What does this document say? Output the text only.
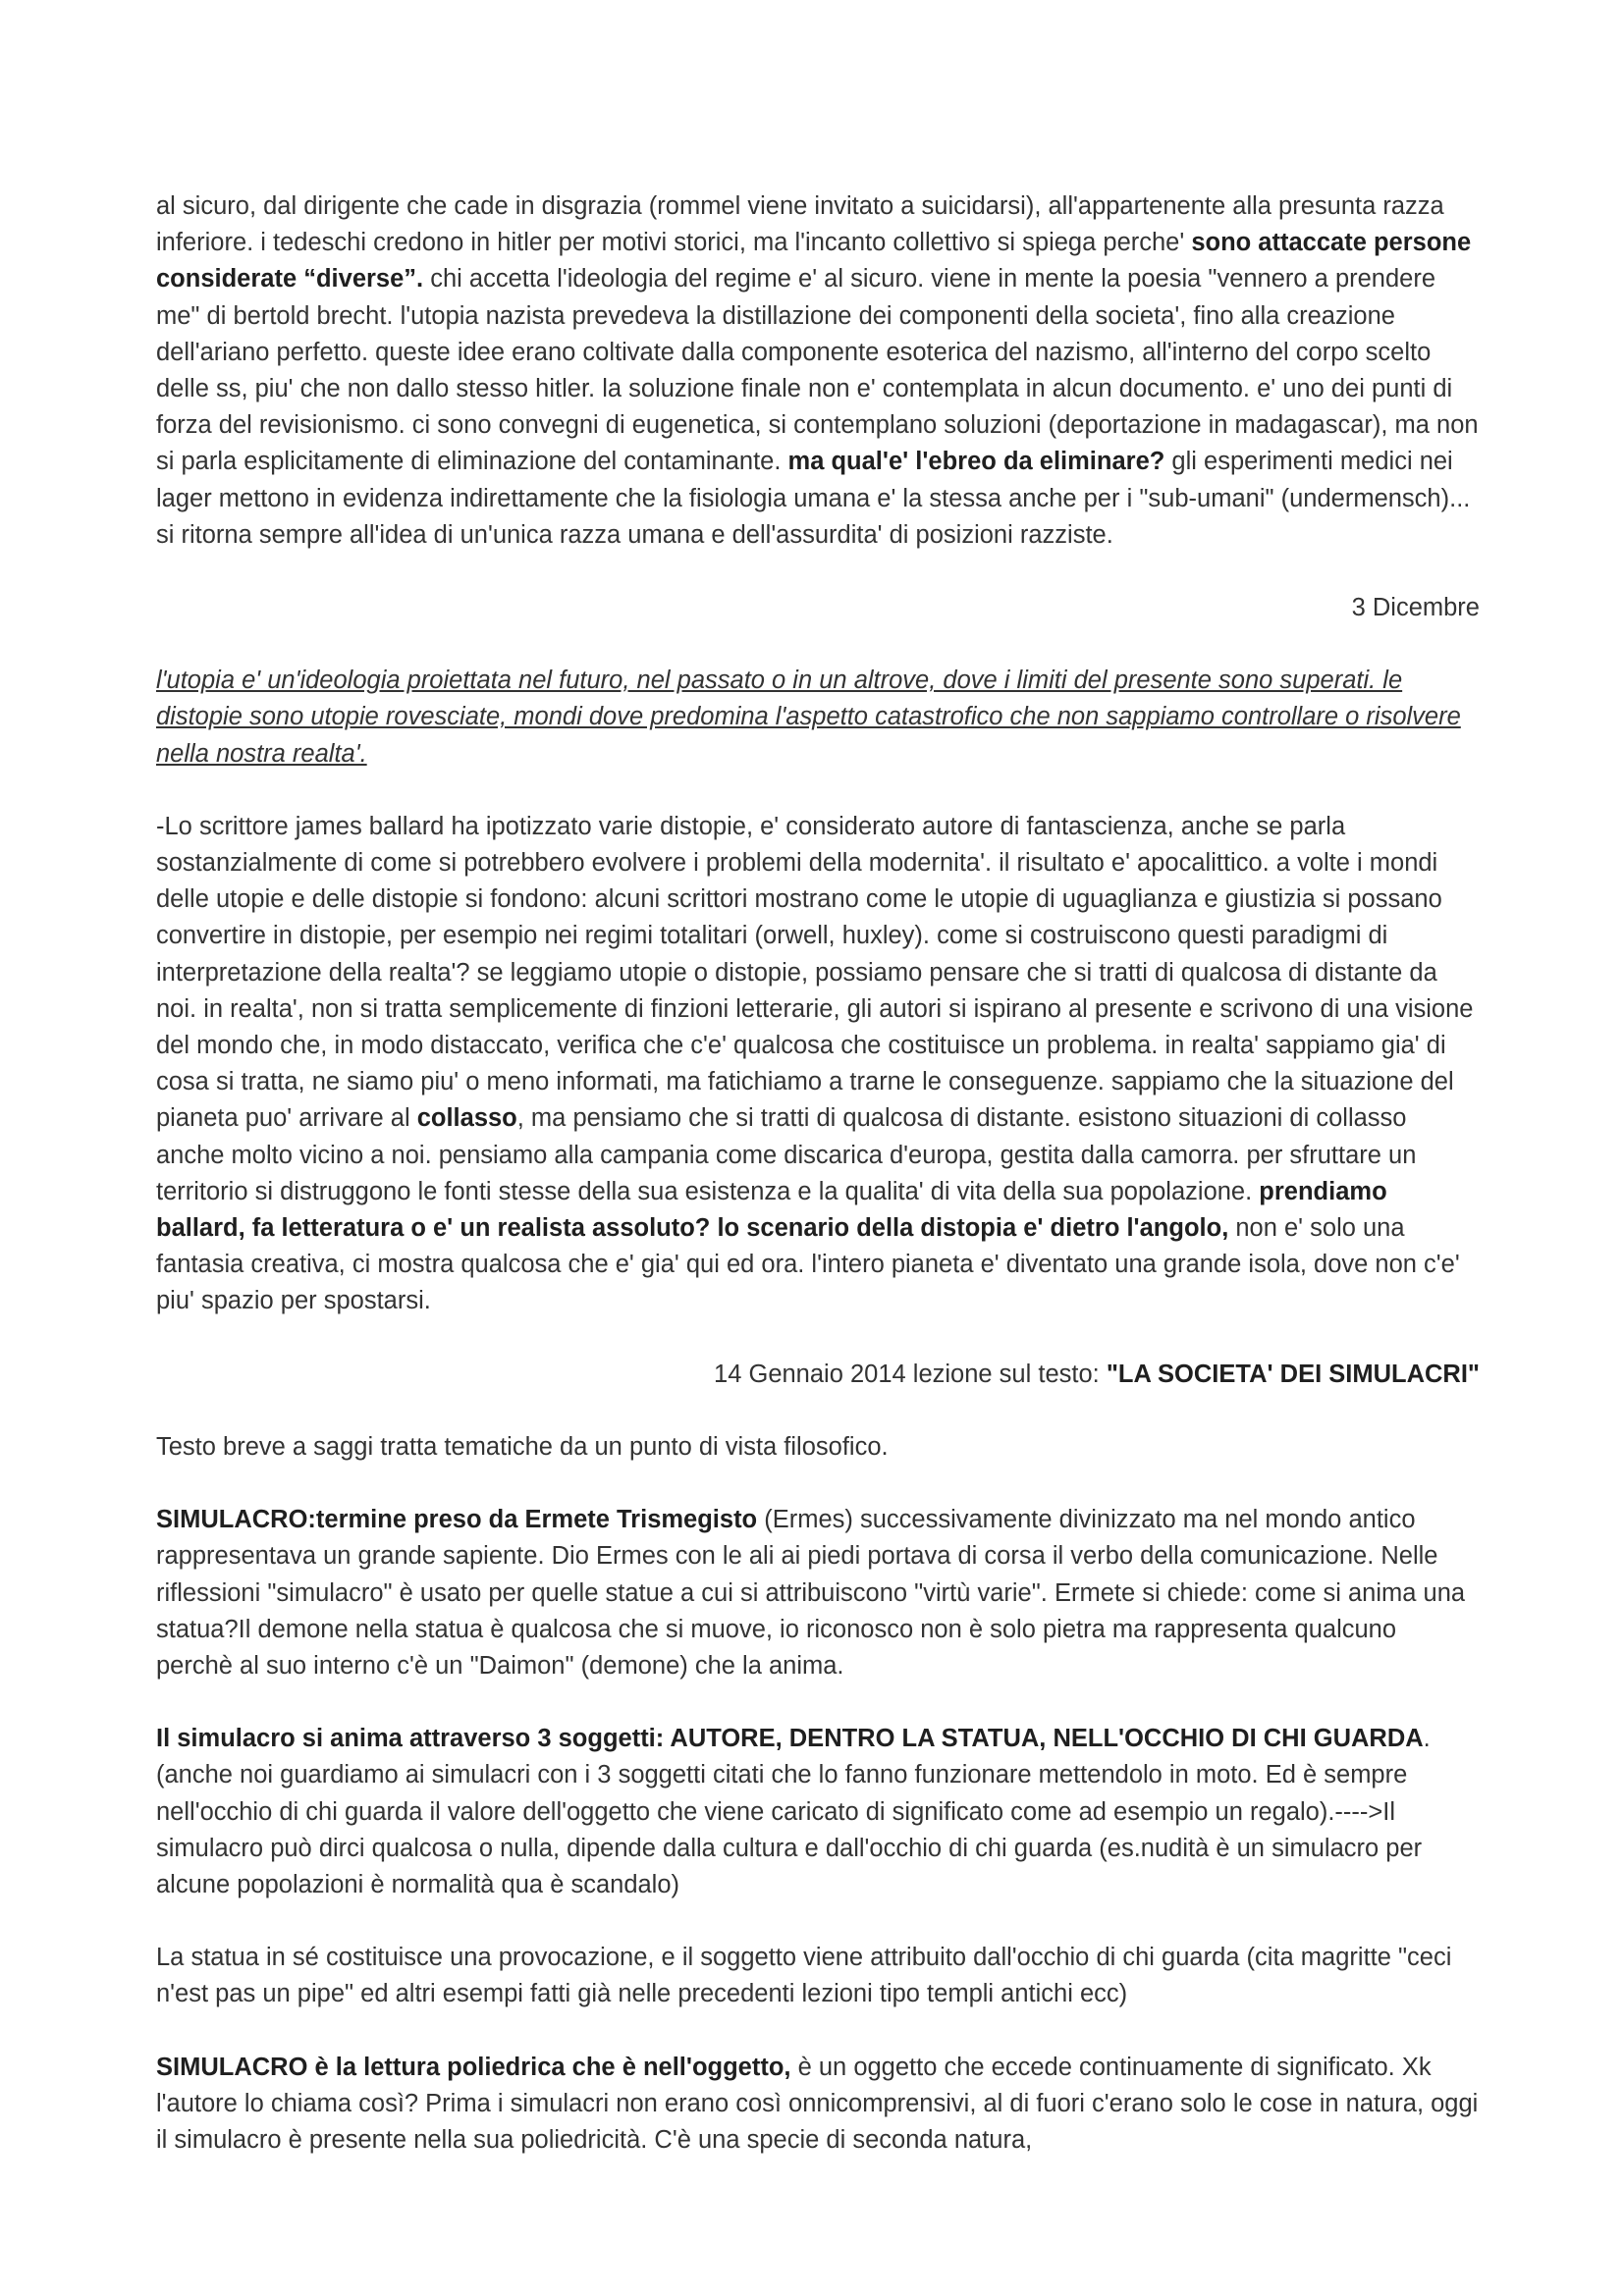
al sicuro, dal dirigente che cade in disgrazia (rommel viene invitato a suicidarsi), all'appartenente alla presunta razza inferiore. i tedeschi credono in hitler per motivi storici, ma l'incanto collettivo si spiega perche' sono attaccate persone considerate “diverse”. chi accetta l'ideologia del regime e' al sicuro. viene in mente la poesia "vennero a prendere me" di bertold brecht. l'utopia nazista prevedeva la distillazione dei componenti della societa', fino alla creazione dell'ariano perfetto. queste idee erano coltivate dalla componente esoterica del nazismo, all'interno del corpo scelto delle ss, piu' che non dallo stesso hitler. la soluzione finale non e' contemplata in alcun documento. e' uno dei punti di forza del revisionismo. ci sono convegni di eugenetica, si contemplano soluzioni (deportazione in madagascar), ma non si parla esplicitamente di eliminazione del contaminante. ma qual'e' l'ebreo da eliminare? gli esperimenti medici nei lager mettono in evidenza indirettamente che la fisiologia umana e' la stessa anche per i "sub-umani" (undermensch)... si ritorna sempre all'idea di un'unica razza umana e dell'assurdita' di posizioni razziste.

3 Dicembre

l'utopia e' un'ideologia proiettata nel futuro, nel passato o in un altrove, dove i limiti del presente sono superati. le distopie sono utopie rovesciate, mondi dove predomina l'aspetto catastrofico che non sappiamo controllare o risolvere nella nostra realta'.

-Lo scrittore james ballard ha ipotizzato varie distopie, e' considerato autore di fantascienza, anche se parla sostanzialmente di come si potrebbero evolvere i problemi della modernita'. il risultato e' apocalittico. a volte i mondi delle utopie e delle distopie si fondono: alcuni scrittori mostrano come le utopie di uguaglianza e giustizia si possano convertire in distopie, per esempio nei regimi totalitari (orwell, huxley). come si costruiscono questi paradigmi di interpretazione della realta'? se leggiamo utopie o distopie, possiamo pensare che si tratti di qualcosa di distante da noi. in realta', non si tratta semplicemente di finzioni letterarie, gli autori si ispirano al presente e scrivono di una visione del mondo che, in modo distaccato, verifica che c'e' qualcosa che costituisce un problema. in realta' sappiamo gia' di cosa si tratta, ne siamo piu' o meno informati, ma fatichiamo a trarne le conseguenze. sappiamo che la situazione del pianeta puo' arrivare al collasso, ma pensiamo che si tratti di qualcosa di distante. esistono situazioni di collasso anche molto vicino a noi. pensiamo alla campania come discarica d'europa, gestita dalla camorra. per sfruttare un territorio si distruggono le fonti stesse della sua esistenza e la qualita' di vita della sua popolazione. prendiamo ballard, fa letteratura o e' un realista assoluto? lo scenario della distopia e' dietro l'angolo, non e' solo una fantasia creativa, ci mostra qualcosa che e' gia' qui ed ora. l'intero pianeta e' diventato una grande isola, dove non c'e' piu' spazio per spostarsi.

14 Gennaio 2014 lezione sul testo: "LA SOCIETA' DEI SIMULACRI"

Testo breve a saggi tratta tematiche da un punto di vista filosofico.

SIMULACRO:termine preso da Ermete Trismegisto (Ermes) successivamente divinizzato ma nel mondo antico rappresentava un grande sapiente. Dio Ermes con le ali ai piedi portava di corsa il verbo della comunicazione. Nelle riflessioni "simulacro" è usato per quelle statue a cui si attribuiscono "virtù varie". Ermete si chiede: come si anima una statua?Il demone nella statua è qualcosa che si muove, io riconosco non è solo pietra ma rappresenta qualcuno perchè al suo interno c'è un "Daimon" (demone) che la anima.

Il simulacro si anima attraverso 3 soggetti: AUTORE, DENTRO LA STATUA, NELL'OCCHIO DI CHI GUARDA. (anche noi guardiamo ai simulacri con i 3 soggetti citati che lo fanno funzionare mettendolo in moto. Ed è sempre nell'occhio di chi guarda il valore dell'oggetto che viene caricato di significato come ad esempio un regalo).---->Il simulacro può dirci qualcosa o nulla, dipende dalla cultura e dall'occhio di chi guarda (es.nudità è un simulacro per alcune popolazioni è normalità qua è scandalo)

La statua in sé costituisce una provocazione, e il soggetto viene attribuito dall'occhio di chi guarda (cita magritte "ceci n'est pas un pipe" ed altri esempi fatti già nelle precedenti lezioni tipo templi antichi ecc)

SIMULACRO è la lettura poliedrica che è nell'oggetto, è un oggetto che eccede continuamente di significato. Xk l'autore lo chiama così? Prima i simulacri non erano così onnicomprensivi, al di fuori c'erano solo le cose in natura, oggi il simulacro è presente nella sua poliedricità. C'è una specie di seconda natura,
